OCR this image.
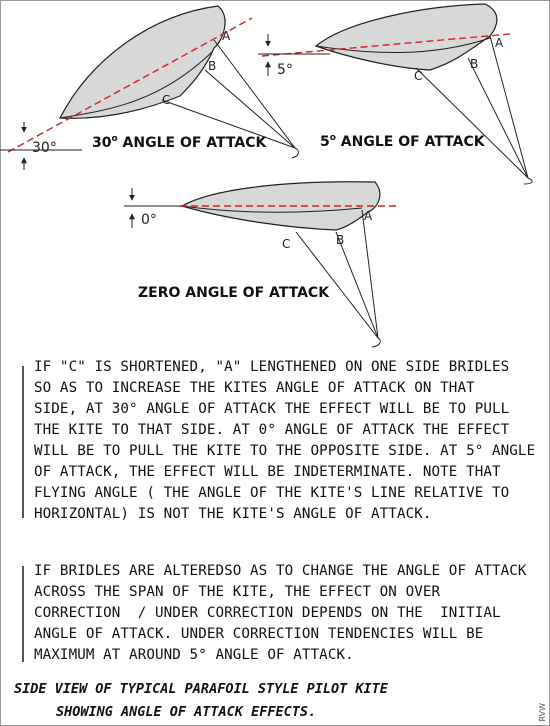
30°
A
B
C
30$^o$ ANGLE OF ATTACK
5°
A
B
C
5$^o$ ANGLE OF ATTACK
0°	A
B
C
ZERO ANGLE OF ATTACK
IF "C" IS SHORTENED, "A" LENGTHENED ON ONE SIDE BRIDLES
SO AS TO INCREASE THE KITES ANGLE OF ATTACK ON THAT
SIDE, AT 30° ANGLE OF ATTACK THE EFFECT WILL BE TO PULL
THE KITE TO THAT SIDE. AT 0° ANGLE OF ATTACK THE EFFECT
WILL BE TO PULL THE KITE TO THE OPPOSITE SIDE. AT 5° ANGLE
OF ATTACK, THE EFFECT WILL BE INDETERMINATE. NOTE THAT
FLYING ANGLE ( THE ANGLE OF THE KITE'S LINE RELATIVE TO
HORIZONTAL) IS NOT THE KITE'S ANGLE OF ATTACK.
IF BRIDLES ARE ALTEREDSO AS TO CHANGE THE ANGLE OF ATTACK
ACROSS THE SPAN OF THE KITE, THE EFFECT ON OVER
CORRECTION  / UNDER CORRECTION DEPENDS ON THE  INITIAL
ANGLE OF ATTACK. UNDER CORRECTION TENDENCIES WILL BE
MAXIMUM AT AROUND 5° ANGLE OF ATTACK.
SIDE VIEW OF TYPICAL PARAFOIL STYLE PILOT KITE
SHOWING ANGLE OF ATTACK EFFECTS.	RVW
